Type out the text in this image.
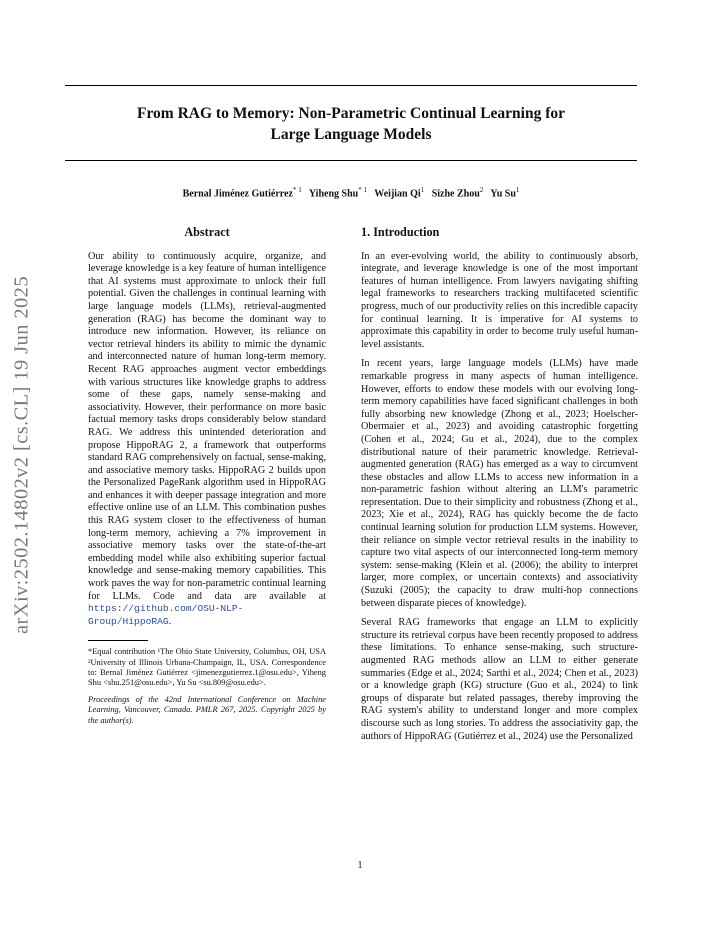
arXiv:2502.14802v2 [cs.CL] 19 Jun 2025
From RAG to Memory: Non-Parametric Continual Learning for
Large Language Models
Bernal Jiménez Gutiérrez$^{* 1}$ Yiheng Shu$^{* 1}$ Weijian Qi$^1$ Sizhe Zhou$^2$ Yu Su$^1$
Abstract

Our ability to continuously acquire, organize, and leverage knowledge is a key feature of human intelligence that AI systems must approximate to unlock their full potential. Given the challenges in continual learning with large language models (LLMs), retrieval-augmented generation (RAG) has become the dominant way to introduce new information. However, its reliance on vector retrieval hinders its ability to mimic the dynamic and interconnected nature of human long-term memory. Recent RAG approaches augment vector embeddings with various structures like knowledge graphs to address some of these gaps, namely sense-making and associativity. However, their performance on more basic factual memory tasks drops considerably below standard RAG. We address this unintended deterioration and propose HippoRAG 2, a framework that outperforms standard RAG comprehensively on factual, sense-making, and associative memory tasks. HippoRAG 2 builds upon the Personalized PageRank algorithm used in HippoRAG and enhances it with deeper passage integration and more effective online use of an LLM. This combination pushes this RAG system closer to the effectiveness of human long-term memory, achieving a 7% improvement in associative memory tasks over the state-of-the-art embedding model while also exhibiting superior factual knowledge and sense-making memory capabilities. This work paves the way for non-parametric continual learning for LLMs. Code and data are available at https://github.com/OSU-NLP-Group/HippoRAG.

*Equal contribution ¹The Ohio State University, Columbus, OH, USA ²University of Illinois Urbana-Champaign, IL, USA. Correspondence to: Bernal Jiménez Gutiérrez <jimenezgutierrez.1@osu.edu>, Yiheng Shu <shu.251@osu.edu>, Yu Su <su.809@osu.edu>.

Proceedings of the 42nd International Conference on Machine Learning, Vancouver, Canada. PMLR 267, 2025. Copyright 2025 by the author(s).

1. Introduction

In an ever-evolving world, the ability to continuously absorb, integrate, and leverage knowledge is one of the most important features of human intelligence. From lawyers navigating shifting legal frameworks to researchers tracking multifaceted scientific progress, much of our productivity relies on this incredible capacity for continual learning. It is imperative for AI systems to approximate this capability in order to become truly useful human-level assistants.

In recent years, large language models (LLMs) have made remarkable progress in many aspects of human intelligence. However, efforts to endow these models with our evolving long-term memory capabilities have faced significant challenges in both fully absorbing new knowledge (Zhong et al., 2023; Hoelscher-Obermaier et al., 2023) and avoiding catastrophic forgetting (Cohen et al., 2024; Gu et al., 2024), due to the complex distributional nature of their parametric knowledge. Retrieval-augmented generation (RAG) has emerged as a way to circumvent these obstacles and allow LLMs to access new information in a non-parametric fashion without altering an LLM's parametric representation. Due to their simplicity and robustness (Zhong et al., 2023; Xie et al., 2024), RAG has quickly become the de facto continual learning solution for production LLM systems. However, their reliance on simple vector retrieval results in the inability to capture two vital aspects of our interconnected long-term memory system: sense-making (Klein et al. (2006); the ability to interpret larger, more complex, or uncertain contexts) and associativity (Suzuki (2005); the capacity to draw multi-hop connections between disparate pieces of knowledge).

Several RAG frameworks that engage an LLM to explicitly structure its retrieval corpus have been recently proposed to address these limitations. To enhance sense-making, such structure-augmented RAG methods allow an LLM to either generate summaries (Edge et al., 2024; Sarthi et al., 2024; Chen et al., 2023) or a knowledge graph (KG) structure (Guo et al., 2024) to link groups of disparate but related passages, thereby improving the RAG system's ability to understand longer and more complex discourse such as long stories. To address the associativity gap, the authors of HippoRAG (Gutiérrez et al., 2024) use the Personalized

1
